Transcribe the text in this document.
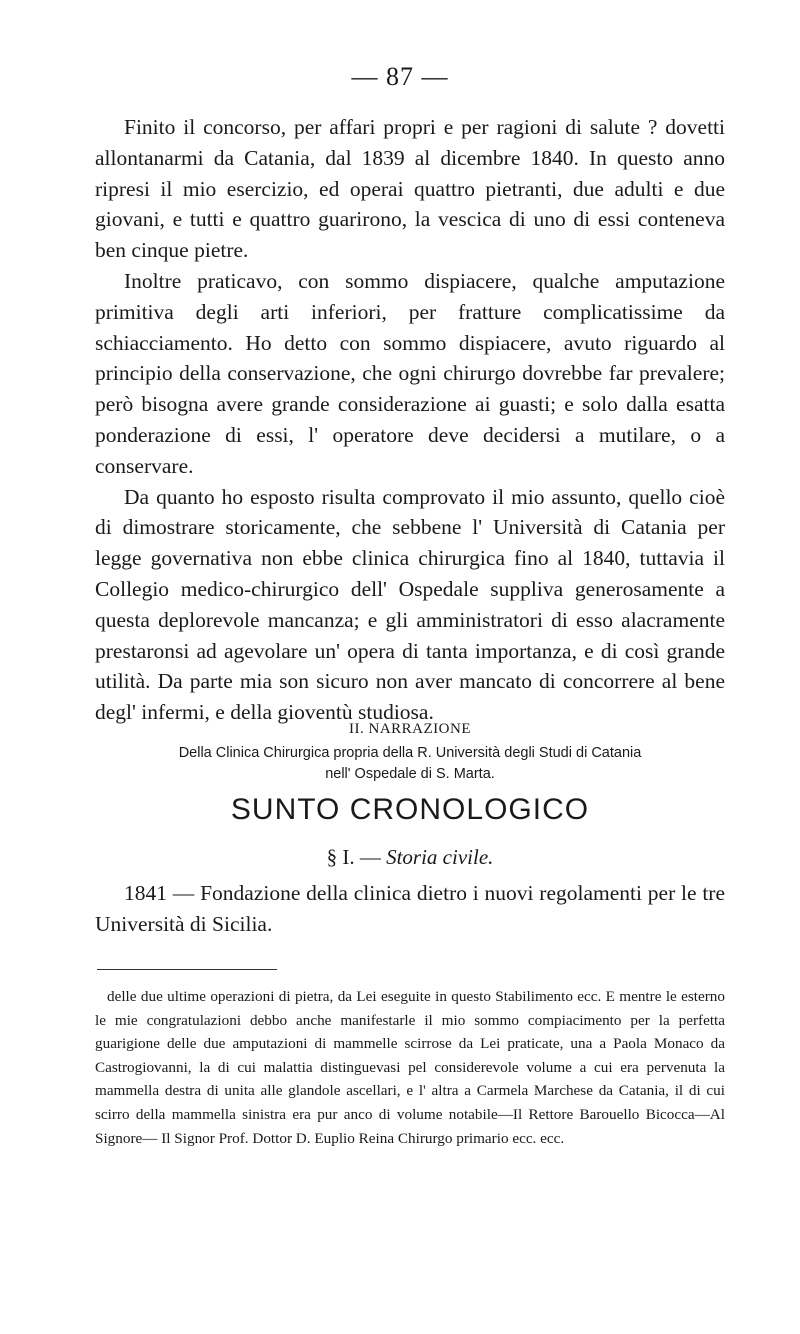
— 87 —

Finito il concorso, per affari propri e per ragioni di salute ? dovetti allontanarmi da Catania, dal 1839 al dicembre 1840. In questo anno ripresi il mio esercizio, ed operai quattro pietranti, due adulti e due giovani, e tutti e quattro guarirono, la vescica di uno di essi conteneva ben cinque pietre.

Inoltre praticavo, con sommo dispiacere, qualche amputazione primitiva degli arti inferiori, per fratture complicatissime da schiacciamento. Ho detto con sommo dispiacere, avuto riguardo al principio della conservazione, che ogni chirurgo dovrebbe far prevalere; però bisogna avere grande considerazione ai guasti; e solo dalla esatta ponderazione di essi, l' operatore deve decidersi a mutilare, o a conservare.

Da quanto ho esposto risulta comprovato il mio assunto, quello cioè di dimostrare storicamente, che sebbene l' Università di Catania per legge governativa non ebbe clinica chirurgica fino al 1840, tuttavia il Collegio medico-chirurgico dell' Ospedale suppliva generosamente a questa deplorevole mancanza; e gli amministratori di esso alacramente prestaronsi ad agevolare un' opera di tanta importanza, e di così grande utilità. Da parte mia son sicuro non aver mancato di concorrere al bene degl' infermi, e della gioventù studiosa.

II. NARRAZIONE
Della Clinica Chirurgica propria della R. Università degli Studi di Catania
nell' Ospedale di S. Marta.
SUNTO CRONOLOGICO
§ I. — Storia civile.

1841 — Fondazione della clinica dietro i nuovi regolamenti per le tre Università di Sicilia.

delle due ultime operazioni di pietra, da Lei eseguite in questo Stabilimento ecc. E mentre le esterno le mie congratulazioni debbo anche manifestarle il mio sommo compiacimento per la perfetta guarigione delle due amputazioni di mammelle scirrose da Lei praticate, una a Paola Monaco da Castrogiovanni, la di cui malattia distinguevasi pel considerevole volume a cui era pervenuta la mammella destra di unita alle glandole ascellari, e l' altra a Carmela Marchese da Catania, il di cui scirro della mammella sinistra era pur anco di volume notabile—Il Rettore Barouello Bicocca—Al Signore— Il Signor Prof. Dottor D. Euplio Reina Chirurgo primario ecc. ecc.
